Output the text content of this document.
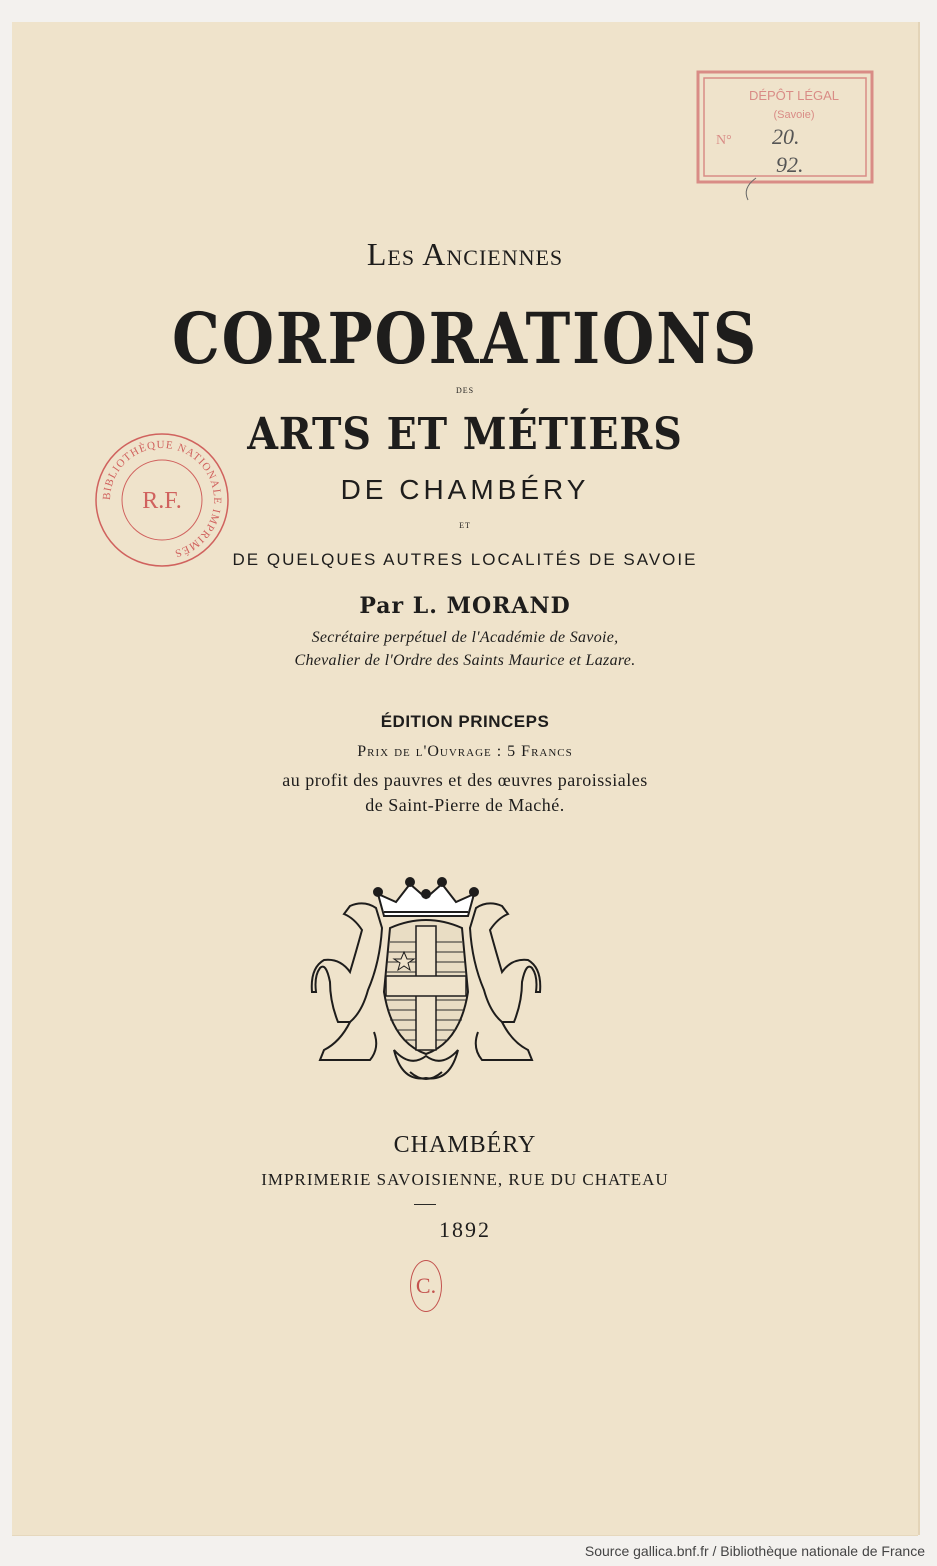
DÉPÔT LÉGAL
(Savoie)
N° 20.
92.
BIBLIOTHÈQUE NATIONALE IMPRIMÉS
R.F.
Les Anciennes
CORPORATIONS
des
ARTS ET MÉTIERS
DE CHAMBÉRY
et
DE QUELQUES AUTRES LOCALITÉS DE SAVOIE
Par L. MORAND
Secrétaire perpétuel de l'Académie de Savoie,
Chevalier de l'Ordre des Saints Maurice et Lazare.
ÉDITION PRINCEPS
Prix de l'Ouvrage : 5 Francs
au profit des pauvres et des œuvres paroissiales
de Saint-Pierre de Maché.
CHAMBÉRY
IMPRIMERIE SAVOISIENNE, RUE DU CHATEAU
1892
C.
Source gallica.bnf.fr / Bibliothèque nationale de France
